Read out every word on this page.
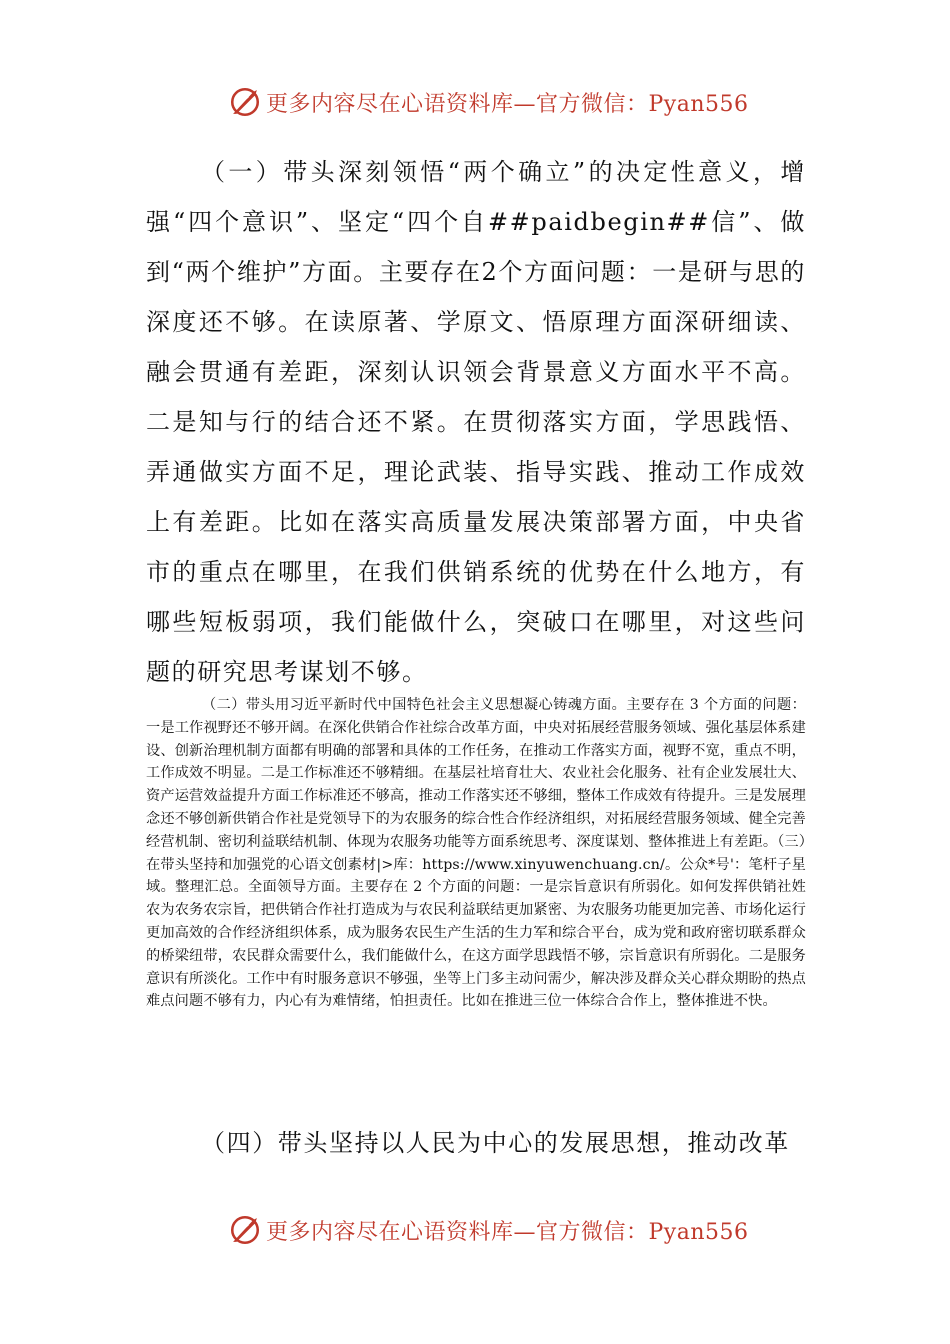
更多内容尽在心语资料库—官方微信：Pyan556

（一）带头深刻领悟“两个确立”的决定性意义，增强“四个意识”、坚定“四个自##paidbegin##信”、做到“两个维护”方面。主要存在2个方面问题：一是研与思的深度还不够。在读原著、学原文、悟原理方面深研细读、融会贯通有差距，深刻认识领会背景意义方面水平不高。二是知与行的结合还不紧。在贯彻落实方面，学思践悟、弄通做实方面不足，理论武装、指导实践、推动工作成效上有差距。比如在落实高质量发展决策部署方面，中央省市的重点在哪里，在我们供销系统的优势在什么地方，有哪些短板弱项，我们能做什么，突破口在哪里，对这些问题的研究思考谋划不够。

（二）带头用习近平新时代中国特色社会主义思想凝心铸魂方面。主要存在 3 个方面的问题：一是工作视野还不够开阔。在深化供销合作社综合改革方面，中央对拓展经营服务领域、强化基层体系建设、创新治理机制方面都有明确的部署和具体的工作任务，在推动工作落实方面，视野不宽，重点不明，工作成效不明显。二是工作标准还不够精细。在基层社培育壮大、农业社会化服务、社有企业发展壮大、资产运营效益提升方面工作标准还不够高，推动工作落实还不够细，整体工作成效有待提升。三是发展理念还不够创新供销合作社是党领导下的为农服务的综合性合作经济组织，对拓展经营服务领域、健全完善经营机制、密切利益联结机制、体现为农服务功能等方面系统思考、深度谋划、整体推进上有差距。（三）在带头坚持和加强党的心语文创素材|>库：https://www.xinyuwenchuang.cn/。公众*号'：笔杆子星域。整理汇总。全面领导方面。主要存在 2 个方面的问题：一是宗旨意识有所弱化。如何发挥供销社姓农为农务农宗旨，把供销合作社打造成为与农民利益联结更加紧密、为农服务功能更加完善、市场化运行更加高效的合作经济组织体系，成为服务农民生产生活的生力军和综合平台，成为党和政府密切联系群众的桥梁纽带，农民群众需要什么，我们能做什么，在这方面学思践悟不够，宗旨意识有所弱化。二是服务意识有所淡化。工作中有时服务意识不够强，坐等上门多主动问需少，解决涉及群众关心群众期盼的热点难点问题不够有力，内心有为难情绪，怕担责任。比如在推进三位一体综合合作上，整体推进不快。

（四）带头坚持以人民为中心的发展思想，推动改革

更多内容尽在心语资料库—官方微信：Pyan556
